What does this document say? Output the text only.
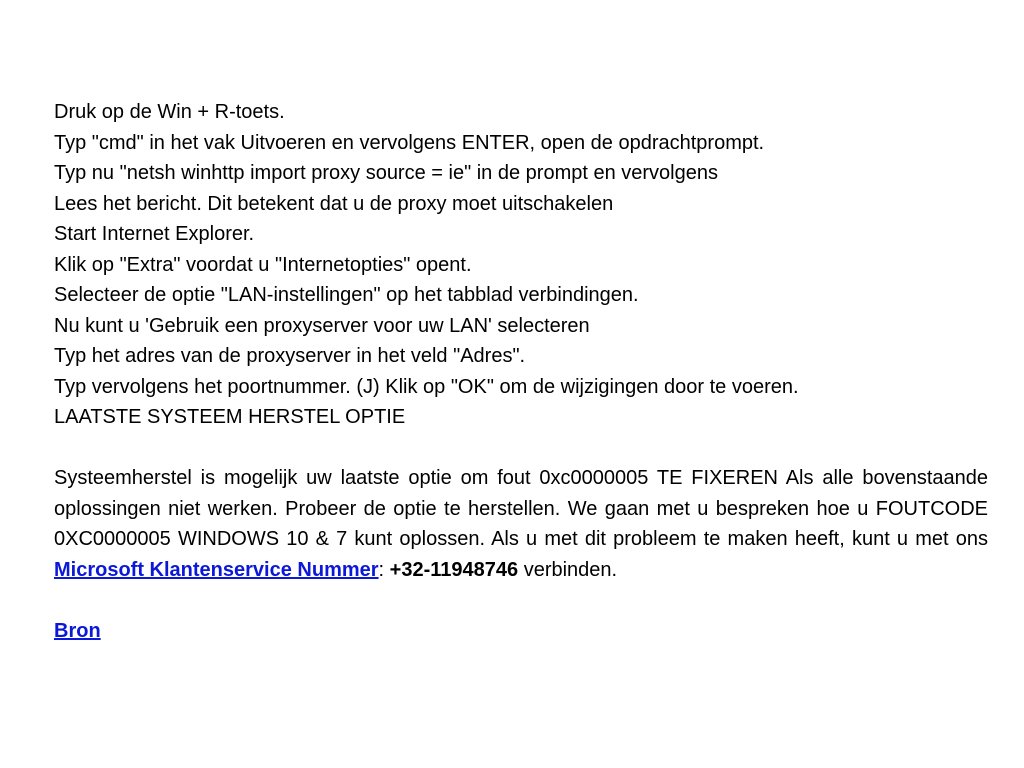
Druk op de Win + R-toets.
Typ "cmd" in het vak Uitvoeren en vervolgens ENTER, open de opdrachtprompt.
Typ nu "netsh winhttp import proxy source = ie" in de prompt en vervolgens
Lees het bericht. Dit betekent dat u de proxy moet uitschakelen
Start Internet Explorer.
Klik op "Extra" voordat u "Internetopties" opent.
Selecteer de optie "LAN-instellingen" op het tabblad verbindingen.
Nu kunt u 'Gebruik een proxyserver voor uw LAN' selecteren
Typ het adres van de proxyserver in het veld "Adres".
Typ vervolgens het poortnummer. (J) Klik op "OK" om de wijzigingen door te voeren.
LAATSTE SYSTEEM HERSTEL OPTIE

Systeemherstel is mogelijk uw laatste optie om fout 0xc0000005 TE FIXEREN Als alle bovenstaande oplossingen niet werken. Probeer de optie te herstellen. We gaan met u bespreken hoe u FOUTCODE 0XC0000005 WINDOWS 10 & 7 kunt oplossen. Als u met dit probleem te maken heeft, kunt u met ons Microsoft Klantenservice Nummer: +32-11948746 verbinden.

Bron
